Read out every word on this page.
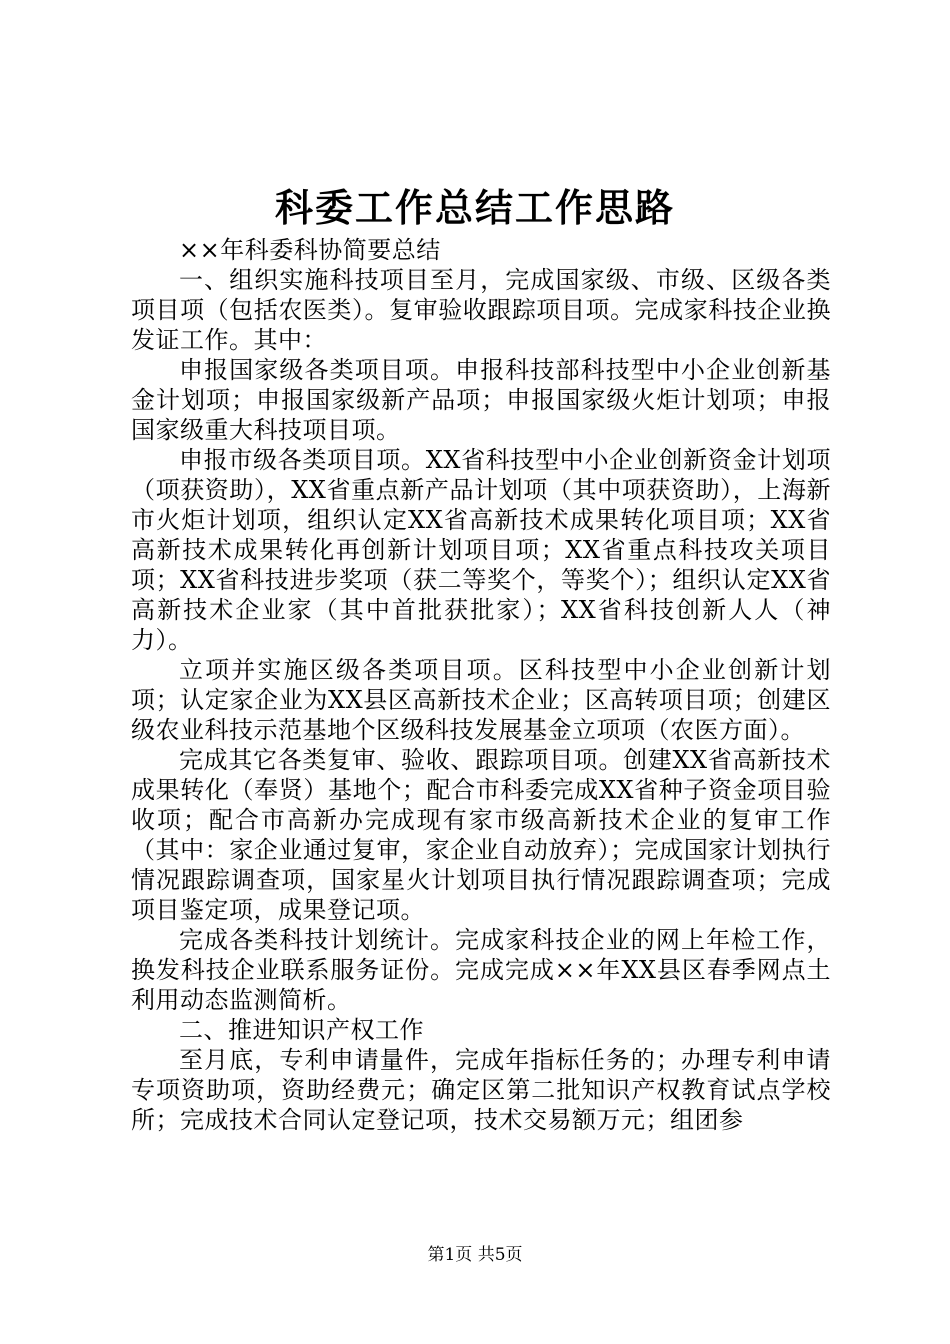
科委工作总结工作思路

××年科委科协简要总结

一、组织实施科技项目至月，完成国家级、市级、区级各类项目项（包括农医类）。复审验收跟踪项目项。完成家科技企业换发证工作。其中：

申报国家级各类项目项。申报科技部科技型中小企业创新基金计划项；申报国家级新产品项；申报国家级火炬计划项；申报国家级重大科技项目项。

申报市级各类项目项。XX省科技型中小企业创新资金计划项（项获资助），XX省重点新产品计划项（其中项获资助），上海新市火炬计划项，组织认定XX省高新技术成果转化项目项；XX省高新技术成果转化再创新计划项目项；XX省重点科技攻关项目项；XX省科技进步奖项（获二等奖个，等奖个）；组织认定XX省高新技术企业家（其中首批获批家）；XX省科技创新人人（神力）。

立项并实施区级各类项目项。区科技型中小企业创新计划项；认定家企业为XX县区高新技术企业；区高转项目项；创建区级农业科技示范基地个区级科技发展基金立项项（农医方面）。

完成其它各类复审、验收、跟踪项目项。创建XX省高新技术成果转化（奉贤）基地个；配合市科委完成XX省种子资金项目验收项；配合市高新办完成现有家市级高新技术企业的复审工作（其中：家企业通过复审，家企业自动放弃）；完成国家计划执行情况跟踪调查项，国家星火计划项目执行情况跟踪调查项；完成项目鉴定项，成果登记项。

完成各类科技计划统计。完成家科技企业的网上年检工作，换发科技企业联系服务证份。完成完成××年XX县区春季网点土利用动态监测简析。

二、推进知识产权工作

至月底，专利申请量件，完成年指标任务的；办理专利申请专项资助项，资助经费元；确定区第二批知识产权教育试点学校所；完成技术合同认定登记项，技术交易额万元；组团参

第1页 共5页
